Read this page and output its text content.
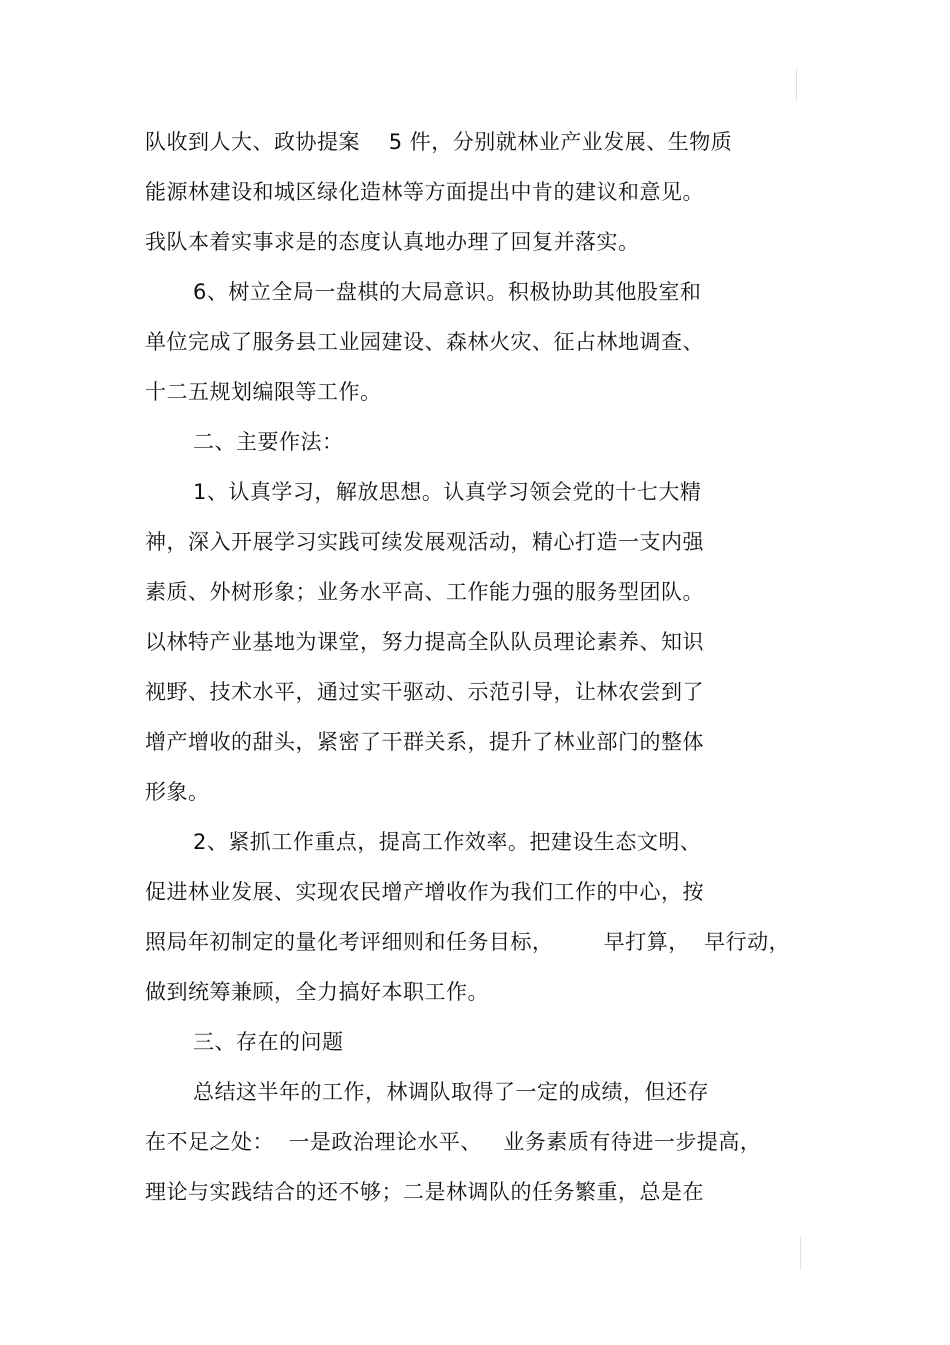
队收到人大、政协提案    5 件，分别就林业产业发展、生物质
能源林建设和城区绿化造林等方面提出中肯的建议和意见。
我队本着实事求是的态度认真地办理了回复并落实。
6、树立全局一盘棋的大局意识。积极协助其他股室和
单位完成了服务县工业园建设、森林火灾、征占林地调查、
十二五规划编限等工作。
二、主要作法：
1、认真学习，解放思想。认真学习领会党的十七大精
神，深入开展学习实践可续发展观活动，精心打造一支内强
素质、外树形象；业务水平高、工作能力强的服务型团队。
以林特产业基地为课堂，努力提高全队队员理论素养、知识
视野、技术水平，通过实干驱动、示范引导，让林农尝到了
增产增收的甜头，紧密了干群关系，提升了林业部门的整体
形象。
2、紧抓工作重点，提高工作效率。把建设生态文明、
促进林业发展、实现农民增产增收作为我们工作的中心，按
照局年初制定的量化考评细则和任务目标，       早打算，  早行动，
做到统筹兼顾，全力搞好本职工作。
三、存在的问题
总结这半年的工作，林调队取得了一定的成绩，但还存
在不足之处：  一是政治理论水平、   业务素质有待进一步提高，
理论与实践结合的还不够；二是林调队的任务繁重，总是在
